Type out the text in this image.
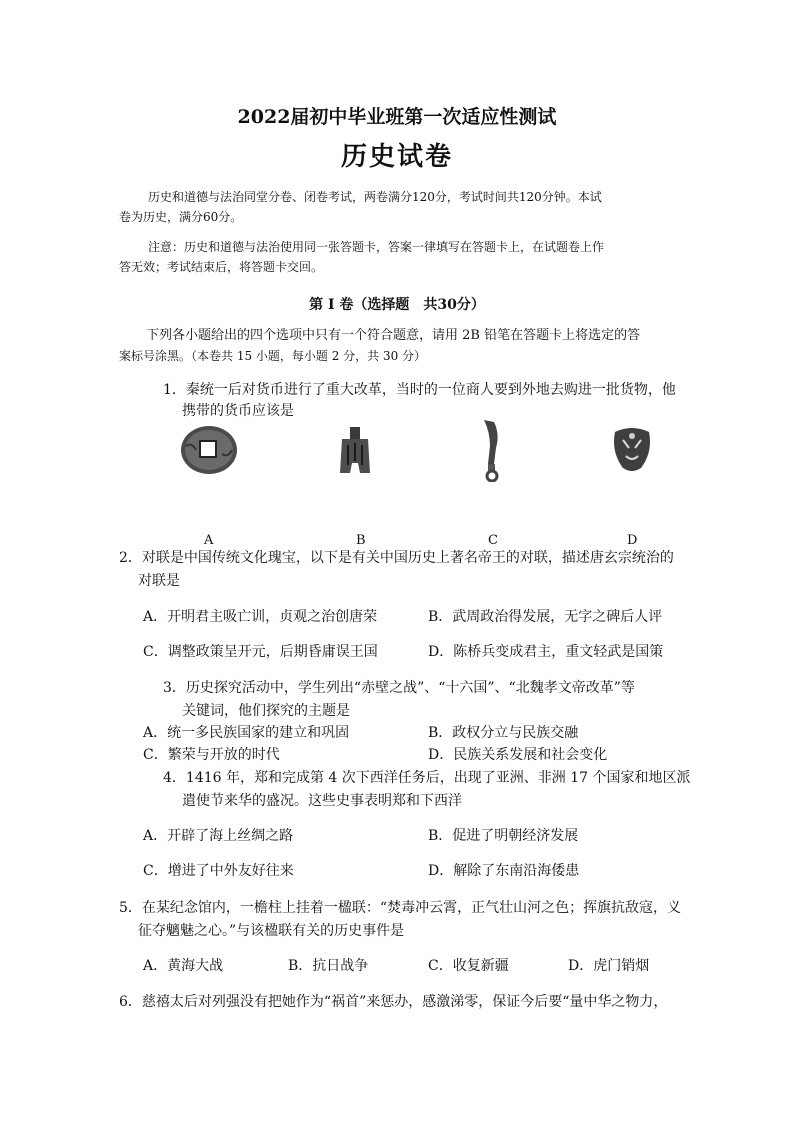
2022届初中毕业班第一次适应性测试
历史试卷
历史和道德与法治同堂分卷、闭卷考试，两卷满分120分，考试时间共120分钟。本试
卷为历史，满分60分。
注意：历史和道德与法治使用同一张答题卡，答案一律填写在答题卡上，在试题卷上作
答无效；考试结束后，将答题卡交回。
第 I 卷（选择题　共30分）
下列各小题给出的四个选项中只有一个符合题意，请用 2B 铅笔在答题卡上将选定的答
案标号涂黑。（本卷共 15 小题，每小题 2 分，共 30 分）
1．秦统一后对货币进行了重大改革，当时的一位商人要到外地去购进一批货物，他
携带的货币应该是
A	B	C	D
2．对联是中国传统文化瑰宝，以下是有关中国历史上著名帝王的对联，描述唐玄宗统治的
对联是
A．开明君主吸亡训，贞观之治创唐荣	B．武周政治得发展，无字之碑后人评
C．调整政策呈开元，后期昏庸误王国	D．陈桥兵变成君主，重文轻武是国策
3．历史探究活动中，学生列出“赤壁之战”、“十六国”、“北魏孝文帝改革”等
关键词，他们探究的主题是
A．统一多民族国家的建立和巩固	B．政权分立与民族交融
C．繁荣与开放的时代	D．民族关系发展和社会变化
4．1416 年，郑和完成第 4 次下西洋任务后，出现了亚洲、非洲 17 个国家和地区派
遣使节来华的盛况。这些史事表明郑和下西洋
A．开辟了海上丝绸之路	B．促进了明朝经济发展
C．增进了中外友好往来	D．解除了东南沿海倭患
5．在某纪念馆内，一檐柱上挂着一楹联：“焚毒冲云霄，正气壮山河之色；挥旗抗敌寇，义
征夺魑魅之心。”与该楹联有关的历史事件是
A．黄海大战	B．抗日战争	C．收复新疆	D．虎门销烟
6．慈禧太后对列强没有把她作为“祸首”来惩办，感激涕零，保证今后要“量中华之物力，
